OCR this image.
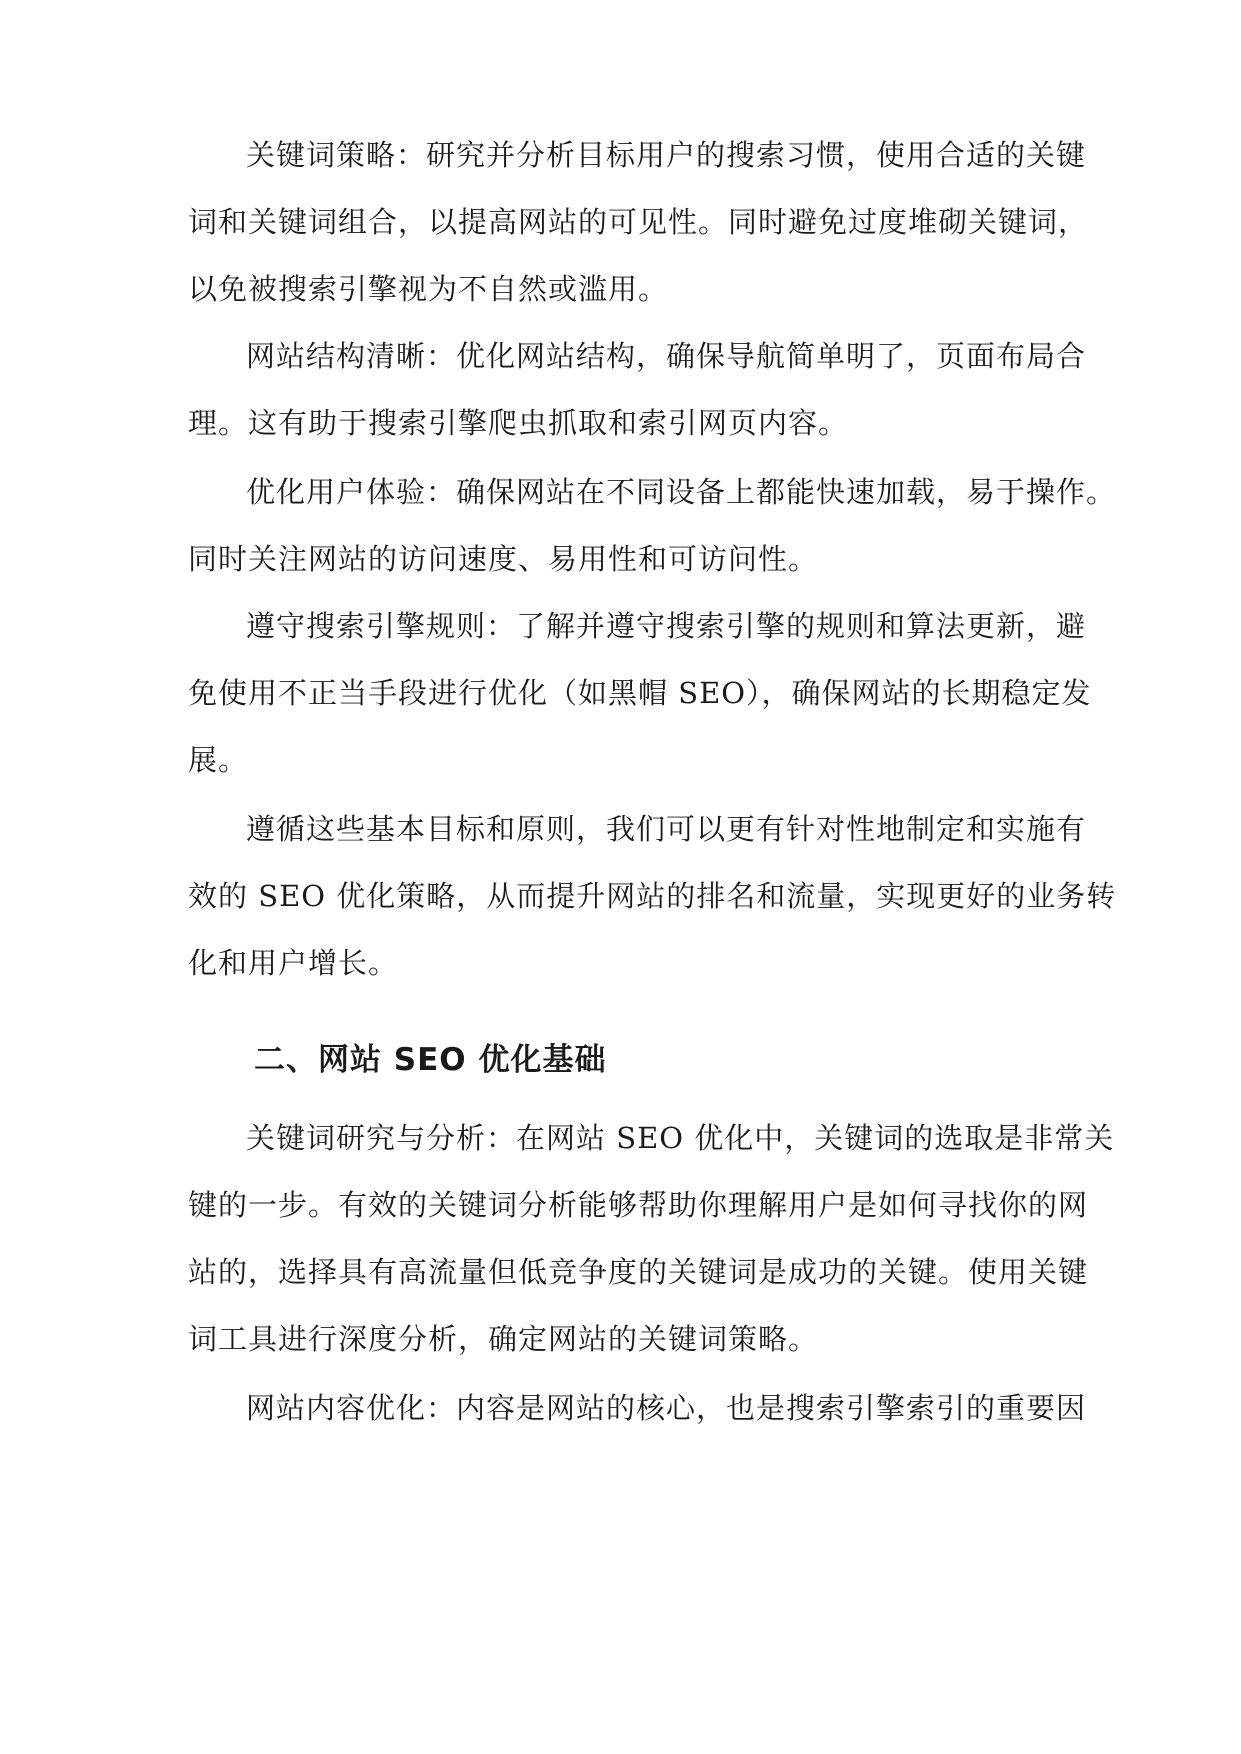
关键词策略：研究并分析目标用户的搜索习惯，使用合适的关键
词和关键词组合，以提高网站的可见性。同时避免过度堆砌关键词，
以免被搜索引擎视为不自然或滥用。
网站结构清晰：优化网站结构，确保导航简单明了，页面布局合
理。这有助于搜索引擎爬虫抓取和索引网页内容。
优化用户体验：确保网站在不同设备上都能快速加载，易于操作。
同时关注网站的访问速度、易用性和可访问性。
遵守搜索引擎规则：了解并遵守搜索引擎的规则和算法更新，避
免使用不正当手段进行优化（如黑帽 SEO），确保网站的长期稳定发
展。
遵循这些基本目标和原则，我们可以更有针对性地制定和实施有
效的 SEO 优化策略，从而提升网站的排名和流量，实现更好的业务转
化和用户增长。
二、网站 SEO 优化基础
关键词研究与分析：在网站 SEO 优化中，关键词的选取是非常关
键的一步。有效的关键词分析能够帮助你理解用户是如何寻找你的网
站的，选择具有高流量但低竞争度的关键词是成功的关键。使用关键
词工具进行深度分析，确定网站的关键词策略。
网站内容优化：内容是网站的核心，也是搜索引擎索引的重要因
